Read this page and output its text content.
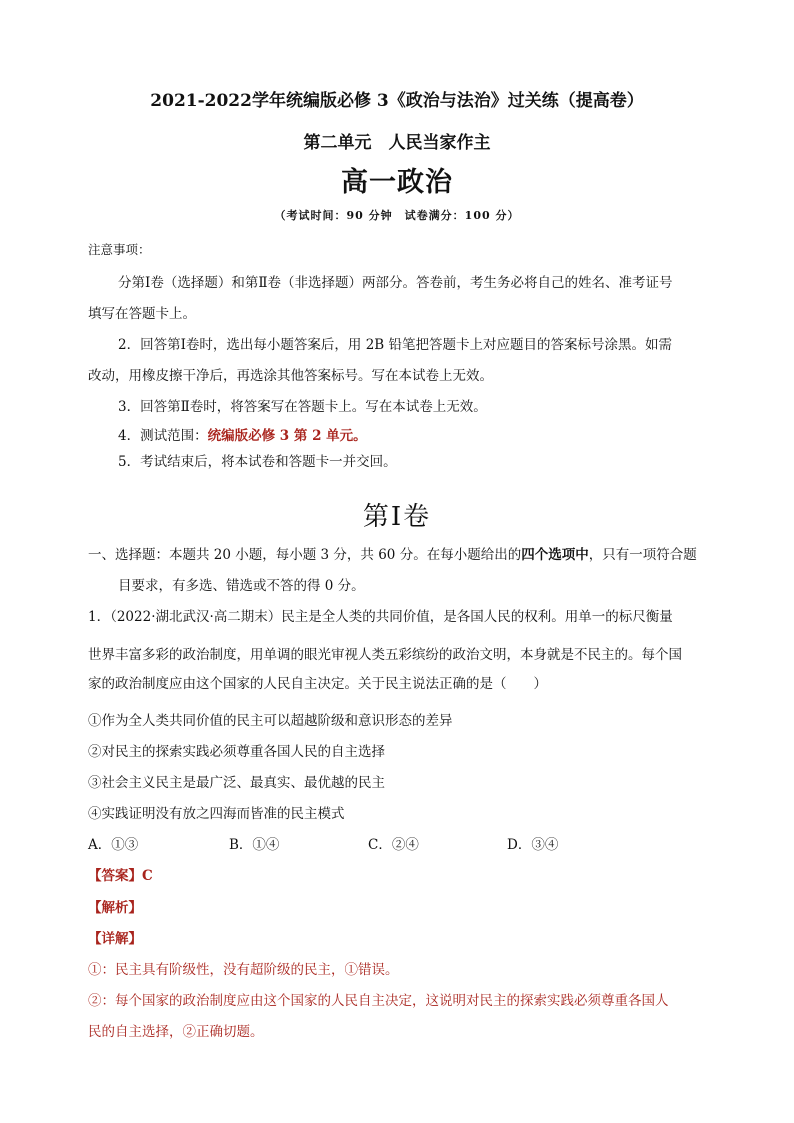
2021-2022学年统编版必修 3《政治与法治》过关练（提高卷）
第二单元　人民当家作主
高一政治
（考试时间：90 分钟　试卷满分：100 分）
注意事项：
分第Ⅰ卷（选择题）和第Ⅱ卷（非选择题）两部分。答卷前，考生务必将自己的姓名、准考证号
填写在答题卡上。
2．回答第Ⅰ卷时，选出每小题答案后，用 2B 铅笔把答题卡上对应题目的答案标号涂黑。如需
改动，用橡皮擦干净后，再选涂其他答案标号。写在本试卷上无效。
3．回答第Ⅱ卷时，将答案写在答题卡上。写在本试卷上无效。
4．测试范围：统编版必修 3 第 2 单元。
5．考试结束后，将本试卷和答题卡一并交回。
第Ⅰ卷
一、选择题：本题共 20 小题，每小题 3 分，共 60 分。在每小题给出的四个选项中，只有一项符合题
目要求，有多选、错选或不答的得 0 分。
1．（2022·湖北武汉·高二期末）民主是全人类的共同价值，是各国人民的权利。用单一的标尺衡量
世界丰富多彩的政治制度，用单调的眼光审视人类五彩缤纷的政治文明，本身就是不民主的。每个国
家的政治制度应由这个国家的人民自主决定。关于民主说法正确的是（　　）
①作为全人类共同价值的民主可以超越阶级和意识形态的差异
②对民主的探索实践必须尊重各国人民的自主选择
③社会主义民主是最广泛、最真实、最优越的民主
④实践证明没有放之四海而皆准的民主模式
A．①③	B．①④	C．②④	D．③④
【答案】C
【解析】
【详解】
①：民主具有阶级性，没有超阶级的民主，①错误。
②：每个国家的政治制度应由这个国家的人民自主决定，这说明对民主的探索实践必须尊重各国人
民的自主选择，②正确切题。
